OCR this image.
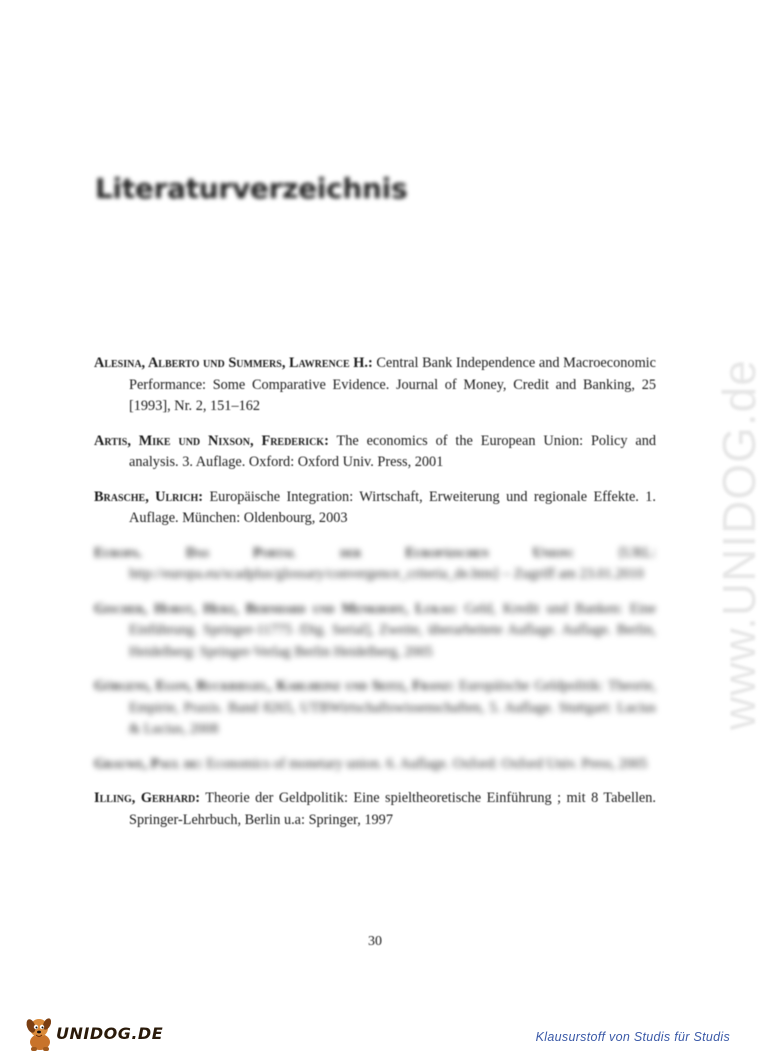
www.UNIDOG.de
Literaturverzeichnis
Alesina, Alberto und Summers, Lawrence H.: Central Bank Independence and Macroeconomic Performance: Some Comparative Evidence. Journal of Money, Credit and Banking, 25 [1993], Nr. 2, 151–162
Artis, Mike und Nixson, Frederick: The economics of the European Union: Policy and analysis. 3. Auflage. Oxford: Oxford Univ. Press, 2001
Brasche, Ulrich: Europäische Integration: Wirtschaft, Erweiterung und regionale Effekte. 1. Auflage. München: Oldenbourg, 2003
Europa. Das Portal der Europäischen Union:	⟨URL: http://europa.eu/scadplus/glossary/convergence_criteria_de.htm⟩ – Zugriff am 23.01.2010
Gischer, Horst, Herz, Bernhard und Menkhoff, Lukas: Geld, Kredit und Banken: Eine Einführung. Springer-11775 /Dig. Serial], Zweite, überarbeitete Auflage. Auflage. Berlin, Heidelberg: Springer-Verlag Berlin Heidelberg, 2005
Görgens, Egon, Ruckriegel, Karlheinz und Seitz, Franz: Europäische Geldpolitik: Theorie, Empirie, Praxis. Band 8265, UTBWirtschaftswissenschaften, 5. Auflage. Stuttgart: Lucius & Lucius, 2008
Grauwe, Paul de: Economics of monetary union. 6. Auflage. Oxford: Oxford Univ. Press, 2005
Illing, Gerhard: Theorie der Geldpolitik: Eine spieltheoretische Einführung ; mit 8 Tabellen. Springer-Lehrbuch, Berlin u.a: Springer, 1997
30
UNIDOG.DE	Klausurstoff von Studis für Studis
